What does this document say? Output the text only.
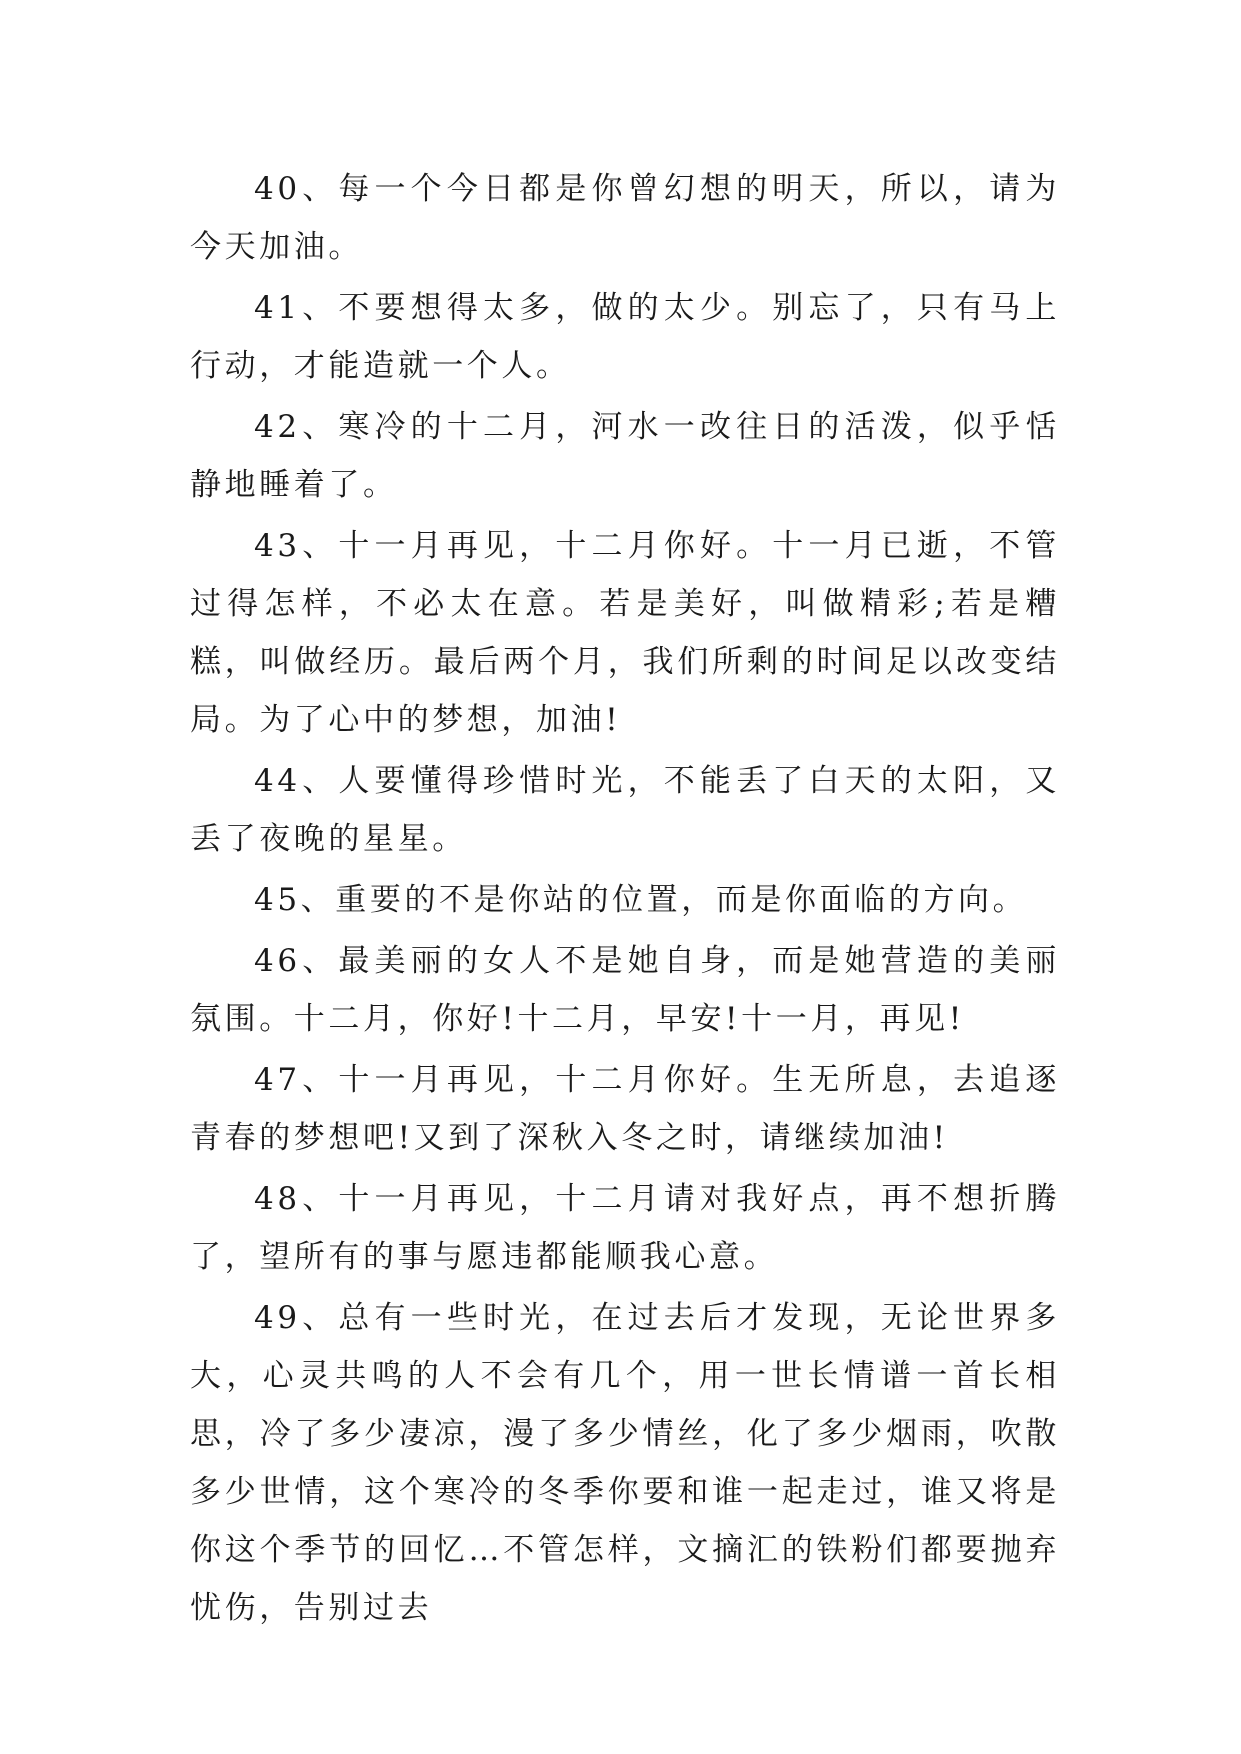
40、每一个今日都是你曾幻想的明天，所以，请为今天加油。

41、不要想得太多，做的太少。别忘了，只有马上行动，才能造就一个人。

42、寒冷的十二月，河水一改往日的活泼，似乎恬静地睡着了。

43、十一月再见，十二月你好。十一月已逝，不管过得怎样，不必太在意。若是美好，叫做精彩;若是糟糕，叫做经历。最后两个月，我们所剩的时间足以改变结局。为了心中的梦想，加油!

44、人要懂得珍惜时光，不能丢了白天的太阳，又丢了夜晚的星星。

45、重要的不是你站的位置，而是你面临的方向。

46、最美丽的女人不是她自身，而是她营造的美丽氛围。十二月，你好!十二月，早安!十一月，再见!

47、十一月再见，十二月你好。生无所息，去追逐青春的梦想吧!又到了深秋入冬之时，请继续加油!

48、十一月再见，十二月请对我好点，再不想折腾了，望所有的事与愿违都能顺我心意。

49、总有一些时光，在过去后才发现，无论世界多大，心灵共鸣的人不会有几个，用一世长情谱一首长相思，冷了多少凄凉，漫了多少情丝，化了多少烟雨，吹散多少世情，这个寒冷的冬季你要和谁一起走过，谁又将是你这个季节的回忆…不管怎样，文摘汇的铁粉们都要抛弃忧伤，告别过去
